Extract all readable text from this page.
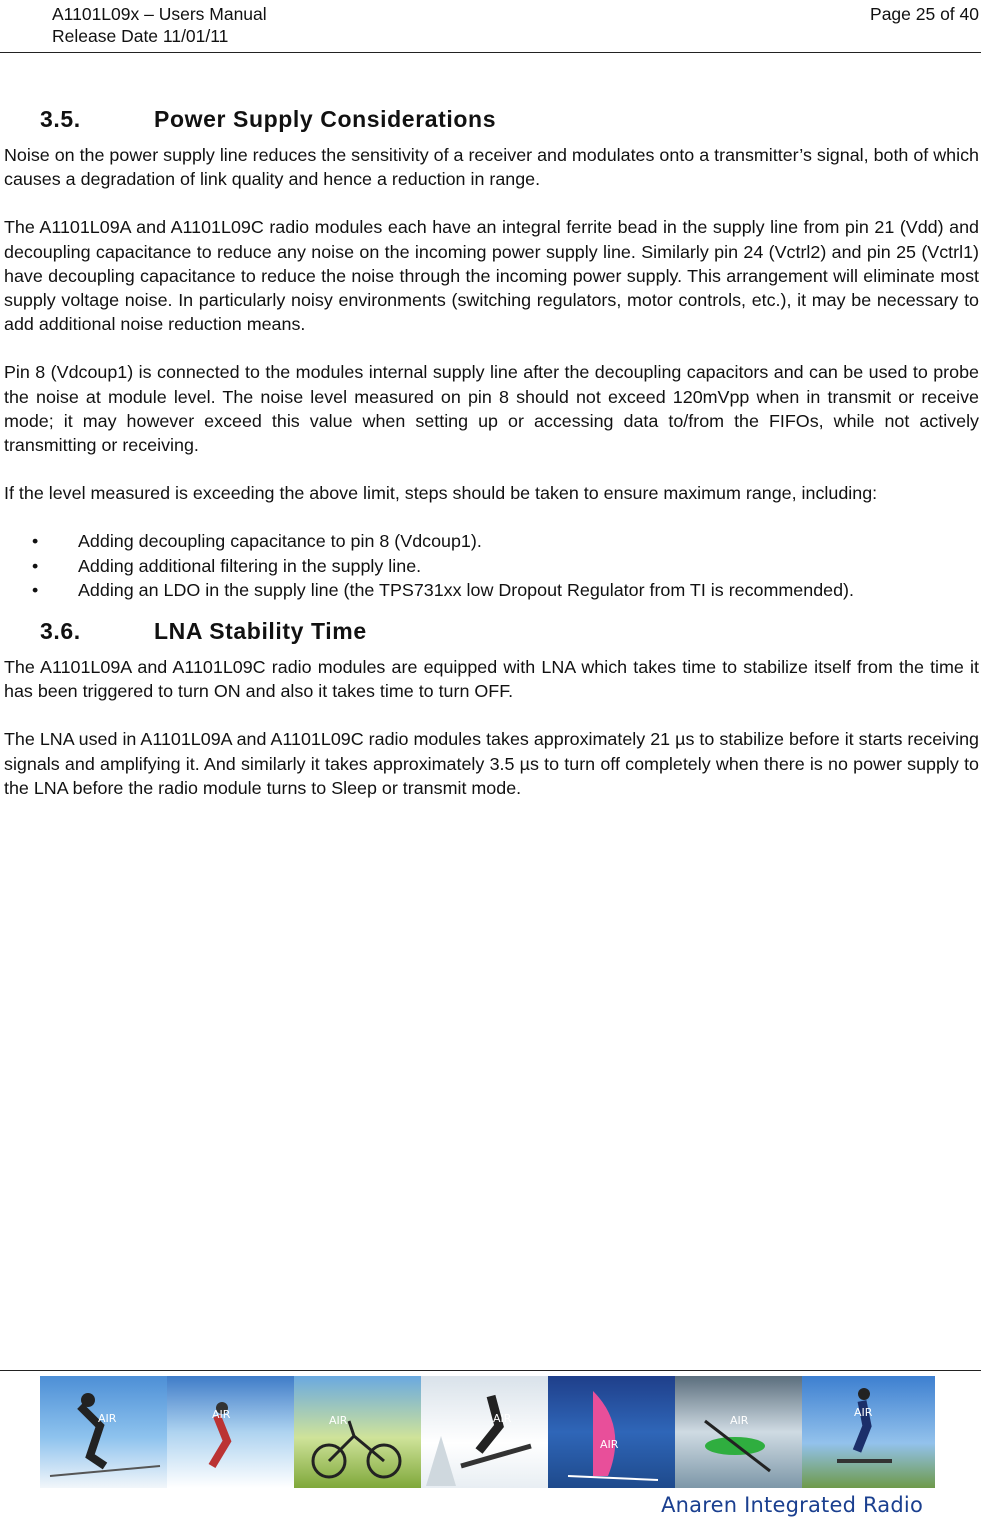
A1101L09x – Users Manual
Release Date 11/01/11
Page 25 of 40
3.5.	Power Supply Considerations

Noise on the power supply line reduces the sensitivity of a receiver and modulates onto a transmitter’s signal, both of which causes a degradation of link quality and hence a reduction in range.

The A1101L09A and A1101L09C radio modules each have an integral ferrite bead in the supply line from pin 21 (Vdd) and decoupling capacitance to reduce any noise on the incoming power supply line. Similarly pin 24 (Vctrl2) and pin 25 (Vctrl1) have decoupling capacitance to reduce the noise through the incoming power supply. This arrangement will eliminate most supply voltage noise. In particularly noisy environments (switching regulators, motor controls, etc.), it may be necessary to add additional noise reduction means.

Pin 8 (Vdcoup1) is connected to the modules internal supply line after the decoupling capacitors and can be used to probe the noise at module level. The noise level measured on pin 8 should not exceed 120mVpp when in transmit or receive mode; it may however exceed this value when setting up or accessing data to/from the FIFOs, while not actively transmitting or receiving.

If the level measured is exceeding the above limit, steps should be taken to ensure maximum range, including:

• Adding decoupling capacitance to pin 8 (Vdcoup1).
• Adding additional filtering in the supply line.
• Adding an LDO in the supply line (the TPS731xx low Dropout Regulator from TI is recommended).
3.6.	LNA Stability Time

The A1101L09A and A1101L09C radio modules are equipped with LNA which takes time to stabilize itself from the time it has been triggered to turn ON and also it takes time to turn OFF.

The LNA used in A1101L09A and A1101L09C radio modules takes approximately 21 µs to stabilize before it starts receiving signals and amplifying it. And similarly it takes approximately 3.5 µs to turn off completely when there is no power supply to the LNA before the radio module turns to Sleep or transmit mode.

AIR	AIR	AIR	AIR
AIR
AIR
AIR
Anaren Integrated Radio
